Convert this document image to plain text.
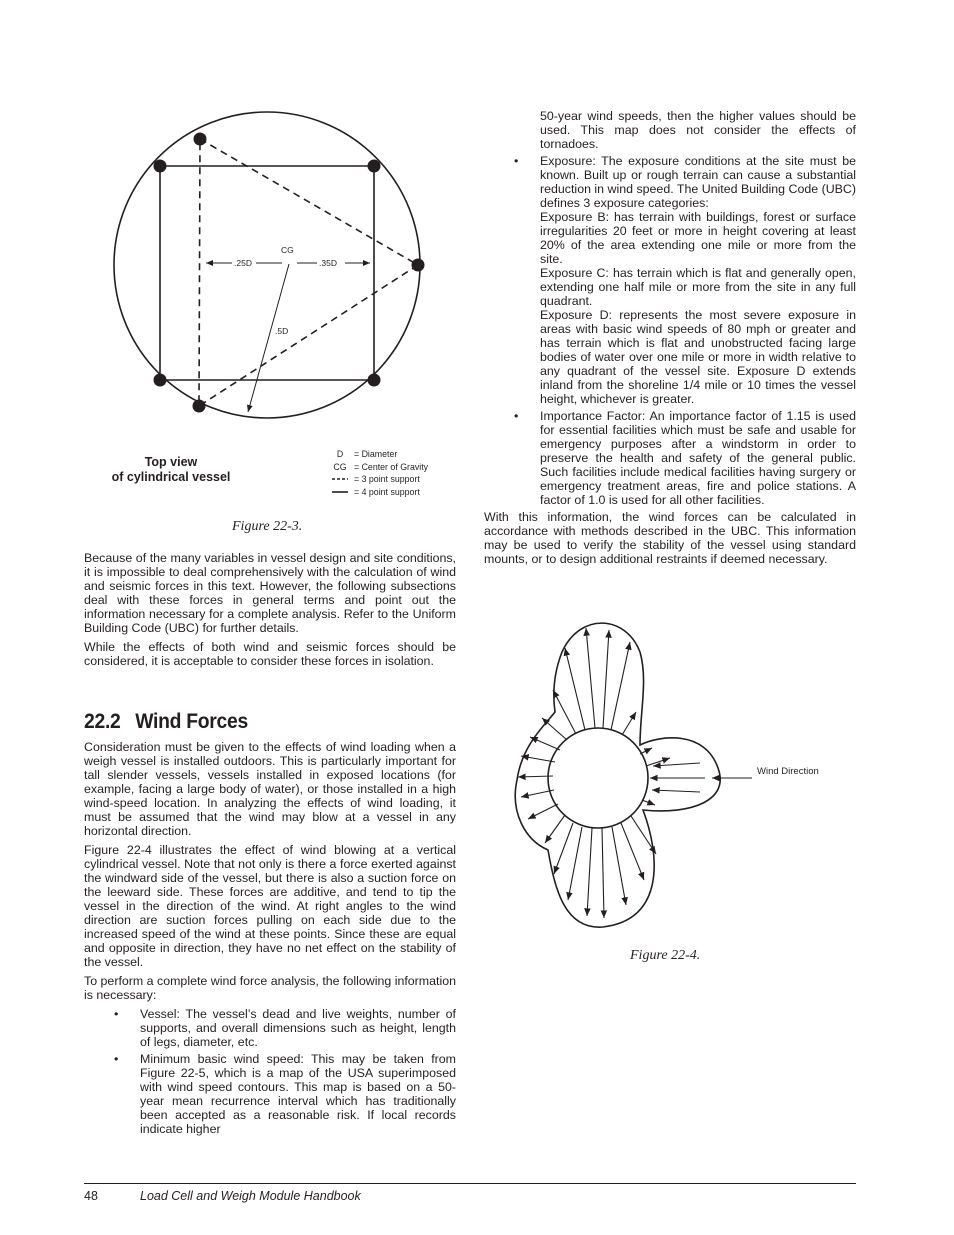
CG
.25D	.35D
.5D
Top view
of cylindrical vessel
D	= Diameter
CG = Center of Gravity
= 3 point support
= 4 point support
Figure 22-3.

Because of the many variables in vessel design and site conditions, it is impossible to deal comprehensively with the calculation of wind and seismic forces in this text. However, the following subsections deal with these forces in general terms and point out the information necessary for a complete analysis. Refer to the Uniform Building Code (UBC) for further details.

While the effects of both wind and seismic forces should be considered, it is acceptable to consider these forces in isolation.

22.2 Wind Forces

Consideration must be given to the effects of wind loading when a weigh vessel is installed outdoors. This is particularly important for tall slender vessels, vessels installed in exposed locations (for example, facing a large body of water), or those installed in a high wind-speed location. In analyzing the effects of wind loading, it must be assumed that the wind may blow at a vessel in any horizontal direction.

Figure 22-4 illustrates the effect of wind blowing at a vertical cylindrical vessel. Note that not only is there a force exerted against the windward side of the vessel, but there is also a suction force on the leeward side. These forces are additive, and tend to tip the vessel in the direction of the wind. At right angles to the wind direction are suction forces pulling on each side due to the increased speed of the wind at these points. Since these are equal and opposite in direction, they have no net effect on the stability of the vessel.

To perform a complete wind force analysis, the following information is necessary:

• Vessel: The vessel’s dead and live weights, number of supports, and overall dimensions such as height, length of legs, diameter, etc.
• Minimum basic wind speed: This may be taken from Figure 22-5, which is a map of the USA superimposed with wind speed contours. This map is based on a 50-year mean recurrence interval which has traditionally been accepted as a reasonable risk. If local records indicate higher
50-year wind speeds, then the higher values should be used. This map does not consider the effects of tornadoes.
• Exposure: The exposure conditions at the site must be known. Built up or rough terrain can cause a substantial reduction in wind speed. The United Building Code (UBC) defines 3 exposure categories:
Exposure B: has terrain with buildings, forest or surface irregularities 20 feet or more in height covering at least 20% of the area extending one mile or more from the site.
Exposure C: has terrain which is flat and generally open, extending one half mile or more from the site in any full quadrant.
Exposure D: represents the most severe exposure in areas with basic wind speeds of 80 mph or greater and has terrain which is flat and unobstructed facing large bodies of water over one mile or more in width relative to any quadrant of the vessel site. Exposure D extends inland from the shoreline 1/4 mile or 10 times the vessel height, whichever is greater.
• Importance Factor: An importance factor of 1.15 is used for essential facilities which must be safe and usable for emergency purposes after a windstorm in order to preserve the health and safety of the general public. Such facilities include medical facilities having surgery or emergency treatment areas, fire and police stations. A factor of 1.0 is used for all other facilities.

With this information, the wind forces can be calculated in accordance with methods described in the UBC. This information may be used to verify the stability of the vessel using standard mounts, or to design additional restraints if deemed necessary.

Wind Direction
Figure 22-4.
48	Load Cell and Weigh Module Handbook
